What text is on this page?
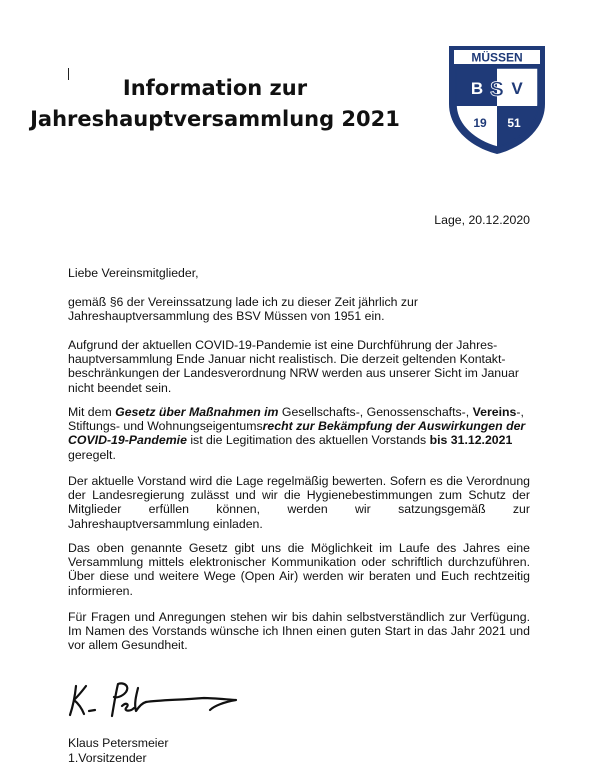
Information zur
Jahreshauptversammlung 2021
MÜSSEN
B S V
19 51
Lage, 20.12.2020
Liebe Vereinsmitglieder,
gemäß §6 der Vereinssatzung lade ich zu dieser Zeit jährlich zur Jahreshauptversammlung des BSV Müssen von 1951 ein.
Aufgrund der aktuellen COVID-19-Pandemie ist eine Durchführung der Jahres-hauptversammlung Ende Januar nicht realistisch. Die derzeit geltenden Kontakt-beschränkungen der Landesverordnung NRW werden aus unserer Sicht im Januar nicht beendet sein.
Mit dem Gesetz über Maßnahmen im Gesellschafts-, Genossenschafts-, Vereins-, Stiftungs- und Wohnungseigentumsrecht zur Bekämpfung der Auswirkungen der COVID-19-Pandemie ist die Legitimation des aktuellen Vorstands bis 31.12.2021 geregelt.
Der aktuelle Vorstand wird die Lage regelmäßig bewerten. Sofern es die Verordnung der Landesregierung zulässt und wir die Hygienebestimmungen zum Schutz der Mitglieder erfüllen können, werden wir satzungsgemäß zur Jahreshauptversammlung einladen.
Das oben genannte Gesetz gibt uns die Möglichkeit im Laufe des Jahres eine Versammlung mittels elektronischer Kommunikation oder schriftlich durchzuführen. Über diese und weitere Wege (Open Air) werden wir beraten und Euch rechtzeitig informieren.
Für Fragen und Anregungen stehen wir bis dahin selbstverständlich zur Verfügung. Im Namen des Vorstands wünsche ich Ihnen einen guten Start in das Jahr 2021 und vor allem Gesundheit.
Klaus Petersmeier
1.Vorsitzender
